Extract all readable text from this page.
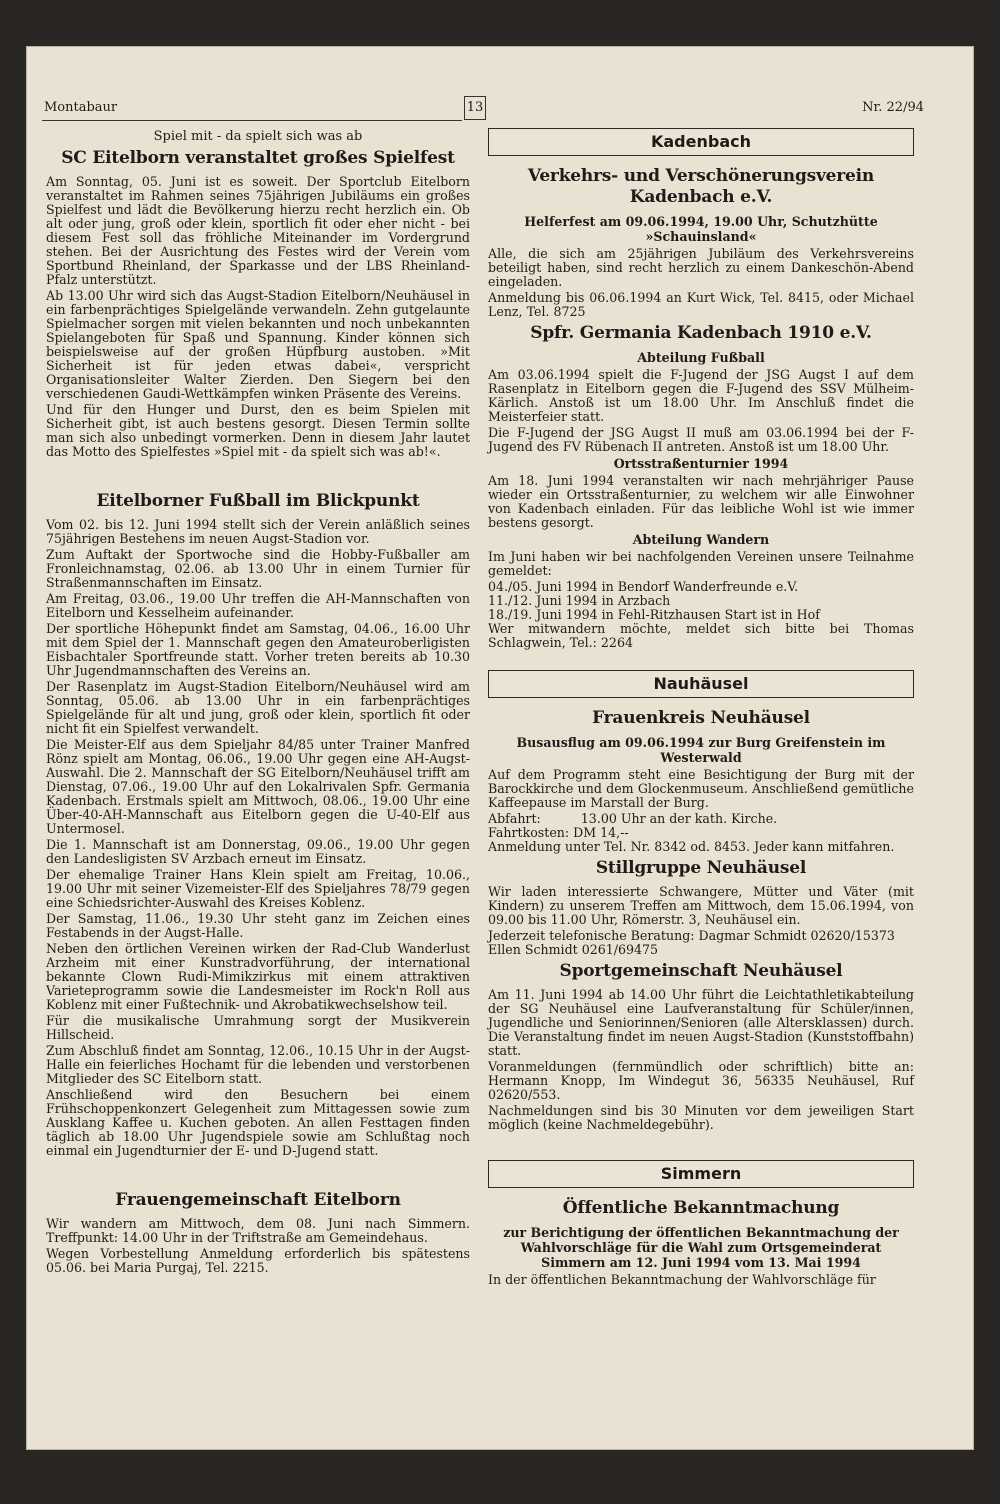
Montabaur	13	Nr. 22/94
Spiel mit - da spielt sich was ab
SC Eitelborn veranstaltet großes Spielfest

Am Sonntag, 05. Juni ist es soweit. Der Sportclub Eitelborn veranstaltet im Rahmen seines 75jährigen Jubiläums ein großes Spielfest und lädt die Bevölkerung hierzu recht herzlich ein. Ob alt oder jung, groß oder klein, sportlich fit oder eher nicht - bei diesem Fest soll das fröhliche Miteinander im Vordergrund stehen. Bei der Ausrichtung des Festes wird der Verein vom Sportbund Rheinland, der Sparkasse und der LBS Rheinland-Pfalz unterstützt.

Ab 13.00 Uhr wird sich das Augst-Stadion Eitelborn/Neuhäusel in ein farbenprächtiges Spielgelände verwandeln. Zehn gutgelaunte Spielmacher sorgen mit vielen bekannten und noch unbekannten Spielangeboten für Spaß und Spannung. Kinder können sich beispielsweise auf der großen Hüpfburg austoben. »Mit Sicherheit ist für jeden etwas dabei«, verspricht Organisationsleiter Walter Zierden. Den Siegern bei den verschiedenen Gaudi-Wettkämpfen winken Präsente des Vereins.

Und für den Hunger und Durst, den es beim Spielen mit Sicherheit gibt, ist auch bestens gesorgt. Diesen Termin sollte man sich also unbedingt vormerken. Denn in diesem Jahr lautet das Motto des Spielfestes »Spiel mit - da spielt sich was ab!«.

Eitelborner Fußball im Blickpunkt

Vom 02. bis 12. Juni 1994 stellt sich der Verein anläßlich seines 75jährigen Bestehens im neuen Augst-Stadion vor.

Zum Auftakt der Sportwoche sind die Hobby-Fußballer am Fronleichnamstag, 02.06. ab 13.00 Uhr in einem Turnier für Straßenmannschaften im Einsatz.

Am Freitag, 03.06., 19.00 Uhr treffen die AH-Mannschaften von Eitelborn und Kesselheim aufeinander.

Der sportliche Höhepunkt findet am Samstag, 04.06., 16.00 Uhr mit dem Spiel der 1. Mannschaft gegen den Amateuroberligisten Eisbachtaler Sportfreunde statt. Vorher treten bereits ab 10.30 Uhr Jugendmannschaften des Vereins an.

Der Rasenplatz im Augst-Stadion Eitelborn/Neuhäusel wird am Sonntag, 05.06. ab 13.00 Uhr in ein farbenprächtiges Spielgelände für alt und jung, groß oder klein, sportlich fit oder nicht fit ein Spielfest verwandelt.

Die Meister-Elf aus dem Spieljahr 84/85 unter Trainer Manfred Rönz spielt am Montag, 06.06., 19.00 Uhr gegen eine AH-Augst-Auswahl. Die 2. Mannschaft der SG Eitelborn/Neuhäusel trifft am Dienstag, 07.06., 19.00 Uhr auf den Lokalrivalen Spfr. Germania Kadenbach. Erstmals spielt am Mittwoch, 08.06., 19.00 Uhr eine Über-40-AH-Mannschaft aus Eitelborn gegen die U-40-Elf aus Untermosel.

Die 1. Mannschaft ist am Donnerstag, 09.06., 19.00 Uhr gegen den Landesligisten SV Arzbach erneut im Einsatz.

Der ehemalige Trainer Hans Klein spielt am Freitag, 10.06., 19.00 Uhr mit seiner Vizemeister-Elf des Spieljahres 78/79 gegen eine Schiedsrichter-Auswahl des Kreises Koblenz.

Der Samstag, 11.06., 19.30 Uhr steht ganz im Zeichen eines Festabends in der Augst-Halle.

Neben den örtlichen Vereinen wirken der Rad-Club Wanderlust Arzheim mit einer Kunstradvorführung, der international bekannte Clown Rudi-Mimikzirkus mit einem attraktiven Varieteprogramm sowie die Landesmeister im Rock'n Roll aus Koblenz mit einer Fußtechnik- und Akrobatikwechselshow teil.

Für die musikalische Umrahmung sorgt der Musikverein Hillscheid.

Zum Abschluß findet am Sonntag, 12.06., 10.15 Uhr in der Augst-Halle ein feierliches Hochamt für die lebenden und verstorbenen Mitglieder des SC Eitelborn statt.

Anschließend wird den Besuchern bei einem Frühschoppenkonzert Gelegenheit zum Mittagessen sowie zum Ausklang Kaffee u. Kuchen geboten. An allen Festtagen finden täglich ab 18.00 Uhr Jugendspiele sowie am Schlußtag noch einmal ein Jugendturnier der E- und D-Jugend statt.

Frauengemeinschaft Eitelborn

Wir wandern am Mittwoch, dem 08. Juni nach Simmern. Treffpunkt: 14.00 Uhr in der Triftstraße am Gemeindehaus.

Wegen Vorbestellung Anmeldung erforderlich bis spätestens 05.06. bei Maria Purgaj, Tel. 2215.

Kadenbach
Verkehrs- und Verschönerungsverein Kadenbach e.V.
Helferfest am 09.06.1994, 19.00 Uhr, Schutzhütte »Schauinsland«

Alle, die sich am 25jährigen Jubiläum des Verkehrsvereins beteiligt haben, sind recht herzlich zu einem Dankeschön-Abend eingeladen.

Anmeldung bis 06.06.1994 an Kurt Wick, Tel. 8415, oder Michael Lenz, Tel. 8725

Spfr. Germania Kadenbach 1910 e.V.
Abteilung Fußball

Am 03.06.1994 spielt die F-Jugend der JSG Augst I auf dem Rasenplatz in Eitelborn gegen die F-Jugend des SSV Mülheim-Kärlich. Anstoß ist um 18.00 Uhr. Im Anschluß findet die Meisterfeier statt.

Die F-Jugend der JSG Augst II muß am 03.06.1994 bei der F-Jugend des FV Rübenach II antreten. Anstoß ist um 18.00 Uhr.

Ortsstraßenturnier 1994

Am 18. Juni 1994 veranstalten wir nach mehrjähriger Pause wieder ein Ortsstraßenturnier, zu welchem wir alle Einwohner von Kadenbach einladen. Für das leibliche Wohl ist wie immer bestens gesorgt.

Abteilung Wandern

Im Juni haben wir bei nachfolgenden Vereinen unsere Teilnahme gemeldet:

04./05. Juni 1994 in Bendorf Wanderfreunde e.V.
11./12. Juni 1994 in Arzbach
18./19. Juni 1994 in Fehl-Ritzhausen Start ist in Hof

Wer mitwandern möchte, meldet sich bitte bei Thomas Schlagwein, Tel.: 2264

Nauhäusel
Frauenkreis Neuhäusel
Busausflug am 09.06.1994 zur Burg Greifenstein im Westerwald

Auf dem Programm steht eine Besichtigung der Burg mit der Barockkirche und dem Glockenmuseum. Anschließend gemütliche Kaffeepause im Marstall der Burg.

Abfahrt:          13.00 Uhr an der kath. Kirche.
Fahrtkosten: DM 14,--

Anmeldung unter Tel. Nr. 8342 od. 8453. Jeder kann mitfahren.

Stillgruppe Neuhäusel

Wir laden interessierte Schwangere, Mütter und Väter (mit Kindern) zu unserem Treffen am Mittwoch, dem 15.06.1994, von 09.00 bis 11.00 Uhr, Römerstr. 3, Neuhäusel ein.

Jederzeit telefonische Beratung: Dagmar Schmidt 02620/15373
Ellen Schmidt 0261/69475
Sportgemeinschaft Neuhäusel

Am 11. Juni 1994 ab 14.00 Uhr führt die Leichtathletikabteilung der SG Neuhäusel eine Laufveranstaltung für Schüler/innen, Jugendliche und Seniorinnen/Senioren (alle Altersklassen) durch. Die Veranstaltung findet im neuen Augst-Stadion (Kunststoffbahn) statt.

Voranmeldungen (fernmündlich oder schriftlich) bitte an: Hermann Knopp, Im Windegut 36, 56335 Neuhäusel, Ruf 02620/553.

Nachmeldungen sind bis 30 Minuten vor dem jeweiligen Start möglich (keine Nachmeldegebühr).

Simmern
Öffentliche Bekanntmachung
zur Berichtigung der öffentlichen Bekanntmachung der Wahlvorschläge für die Wahl zum Ortsgemeinderat Simmern am 12. Juni 1994 vom 13. Mai 1994

In der öffentlichen Bekanntmachung der Wahlvorschläge für
